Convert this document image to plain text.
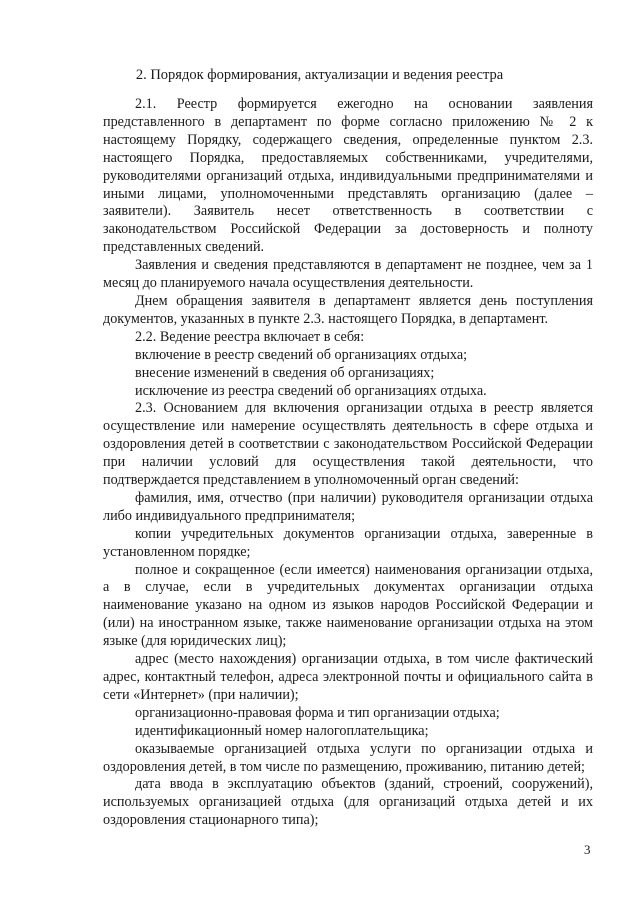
2. Порядок формирования, актуализации и ведения реестра

2.1. Реестр формируется ежегодно на основании заявления представленного в департамент по форме согласно приложению № 2 к настоящему Порядку, содержащего сведения, определенные пунктом 2.3. настоящего Порядка, предоставляемых собственниками, учредителями, руководителями организаций отдыха, индивидуальными предпринимателями и иными лицами, уполномоченными представлять организацию (далее – заявители). Заявитель несет ответственность в соответствии с законодательством Российской Федерации за достоверность и полноту представленных сведений.

Заявления и сведения представляются в департамент не позднее, чем за 1 месяц до планируемого начала осуществления деятельности.

Днем обращения заявителя в департамент является день поступления документов, указанных в пункте 2.3. настоящего Порядка, в департамент.

2.2. Ведение реестра включает в себя:

включение в реестр сведений об организациях отдыха;

внесение изменений в сведения об организациях;

исключение из реестра сведений об организациях отдыха.

2.3. Основанием для включения организации отдыха в реестр является осуществление или намерение осуществлять деятельность в сфере отдыха и оздоровления детей в соответствии с законодательством Российской Федерации при наличии условий для осуществления такой деятельности, что подтверждается представлением в уполномоченный орган сведений:

фамилия, имя, отчество (при наличии) руководителя организации отдыха либо индивидуального предпринимателя;

копии учредительных документов организации отдыха, заверенные в установленном порядке;

полное и сокращенное (если имеется) наименования организации отдыха, а в случае, если в учредительных документах организации отдыха наименование указано на одном из языков народов Российской Федерации и (или) на иностранном языке, также наименование организации отдыха на этом языке (для юридических лиц);

адрес (место нахождения) организации отдыха, в том числе фактический адрес, контактный телефон, адреса электронной почты и официального сайта в сети «Интернет» (при наличии);

организационно-правовая форма и тип организации отдыха;

идентификационный номер налогоплательщика;

оказываемые организацией отдыха услуги по организации отдыха и оздоровления детей, в том числе по размещению, проживанию, питанию детей;

дата ввода в эксплуатацию объектов (зданий, строений, сооружений), используемых организацией отдыха (для организаций отдыха детей и их оздоровления стационарного типа);

3
